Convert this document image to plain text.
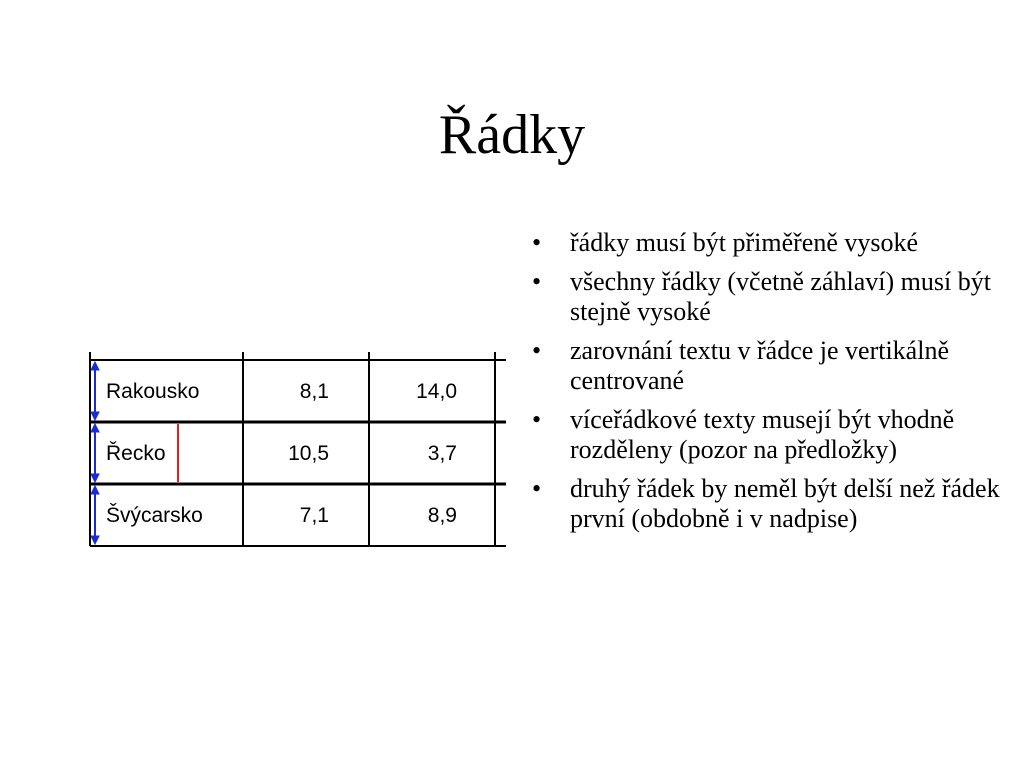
Řádky
• řádky musí být přiměřeně vysoké
• všechny řádky (včetně záhlaví) musí být stejně vysoké
• zarovnání textu v řádce je vertikálně centrované
• víceřádkové texty musejí být vhodně rozděleny (pozor na předložky)
• druhý řádek by neměl být delší než řádek první (obdobně i v nadpise)
Rakousko	8,1	14,0
Řecko	10,5	3,7
Švýcarsko	7,1	8,9
